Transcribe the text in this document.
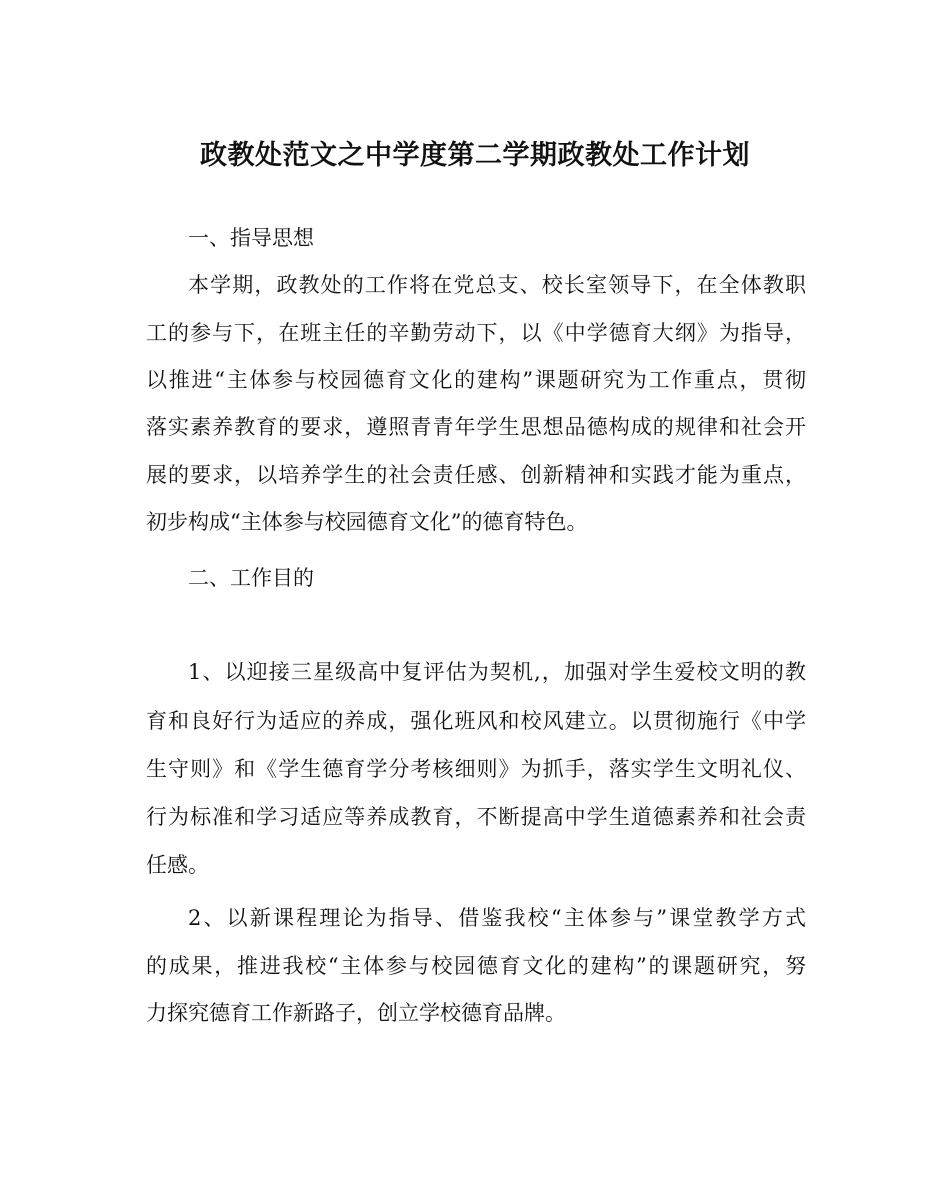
政教处范文之中学度第二学期政教处工作计划

一、指导思想

本学期，政教处的工作将在党总支、校长室领导下，在全体教职

工的参与下，在班主任的辛勤劳动下，以《中学德育大纲》为指导，

以推进“主体参与校园德育文化的建构”课题研究为工作重点，贯彻

落实素养教育的要求，遵照青青年学生思想品德构成的规律和社会开

展的要求，以培养学生的社会责任感、创新精神和实践才能为重点，

初步构成“主体参与校园德育文化”的德育特色。

二、工作目的

1、以迎接三星级高中复评估为契机,，加强对学生爱校文明的教

育和良好行为适应的养成，强化班风和校风建立。以贯彻施行《中学

生守则》和《学生德育学分考核细则》为抓手，落实学生文明礼仪、

行为标准和学习适应等养成教育，不断提高中学生道德素养和社会责

任感。

2、以新课程理论为指导、借鉴我校“主体参与”课堂教学方式

的成果，推进我校“主体参与校园德育文化的建构”的课题研究，努

力探究德育工作新路子，创立学校德育品牌。
